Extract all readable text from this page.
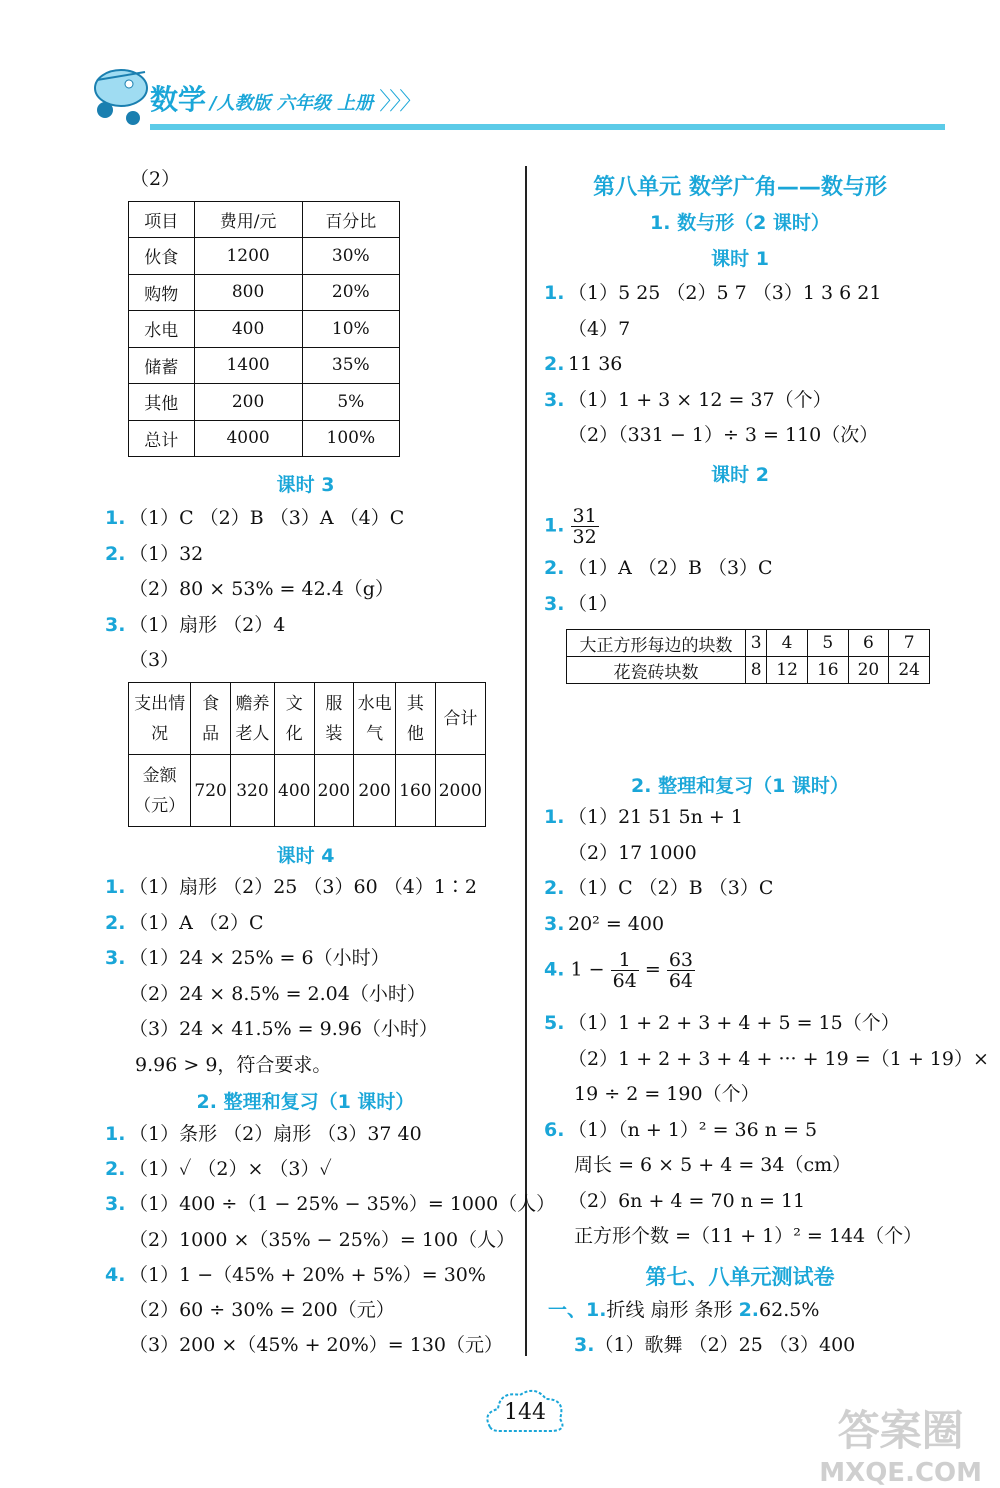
数学 /人教版 六年级 上册 〉〉〉
（2）
项目	费用/元	百分比
伙食	1200	30%
购物	800	20%
水电	400	10%
储蓄	1400	35%
其他	200	5%
总计	4000	100%
课时 3
1. （1）C （2）B （3）A （4）C
2. （1）32
（2）80 × 53% = 42.4（g）
3. （1）扇形 （2）4
（3）
支出情况	食品	赡养老人	文化	服装	水电气	其他	合计
金额（元）	720	320	400	200	200	160	2000
课时 4
1. （1）扇形 （2）25 （3）60 （4）1∶2
2. （1）A （2）C
3. （1）24 × 25% = 6（小时）
（2）24 × 8.5% = 2.04（小时）
（3）24 × 41.5% = 9.96（小时）
9.96 > 9，符合要求。
2. 整理和复习（1 课时）
1. （1）条形 （2）扇形 （3）37 40
2. （1）✓ （2）× （3）✓
3. （1）400 ÷（1 − 25% − 35%）= 1000（人）
（2）1000 ×（35% − 25%）= 100（人）
4. （1）1 −（45% + 20% + 5%）= 30%
（2）60 ÷ 30% = 200（元）
（3）200 ×（45% + 20%）= 130（元）
第八单元 数学广角——数与形
1. 数与形（2 课时）
课时 1
1. （1）5 25 （2）5 7 （3）1 3 6 21
（4）7
2. 11 36
3. （1）1 + 3 × 12 = 37（个）
（2）（331 − 1）÷ 3 = 110（次）
课时 2
1. $\frac{31}{32}$
2. （1）A （2）B （3）C
3. （1）
大正方形每边的块数	3	4	5	6	7
花瓷砖块数	8	12	16	20	24
2. 整理和复习（1 课时）
1. （1）21 51 5n + 1
（2）17 1000
2. （1）C （2）B （3）C
3. 20² = 400
4. $1 - \frac{1}{64} = \frac{63}{64}$
5. （1）1 + 2 + 3 + 4 + 5 = 15（个）
（2）1 + 2 + 3 + 4 + ··· + 19 =（1 + 19）×
19 ÷ 2 = 190（个）
6. （1）（n + 1）² = 36 n = 5
周长 = 6 × 5 + 4 = 34（cm）
（2）6n + 4 = 70 n = 11
正方形个数 =（11 + 1）² = 144（个）
第七、八单元测试卷
一、1.折线 扇形 条形 2.62.5%
3.（1）歌舞 （2）25 （3）400
144	答案圈
MXQE.COM
